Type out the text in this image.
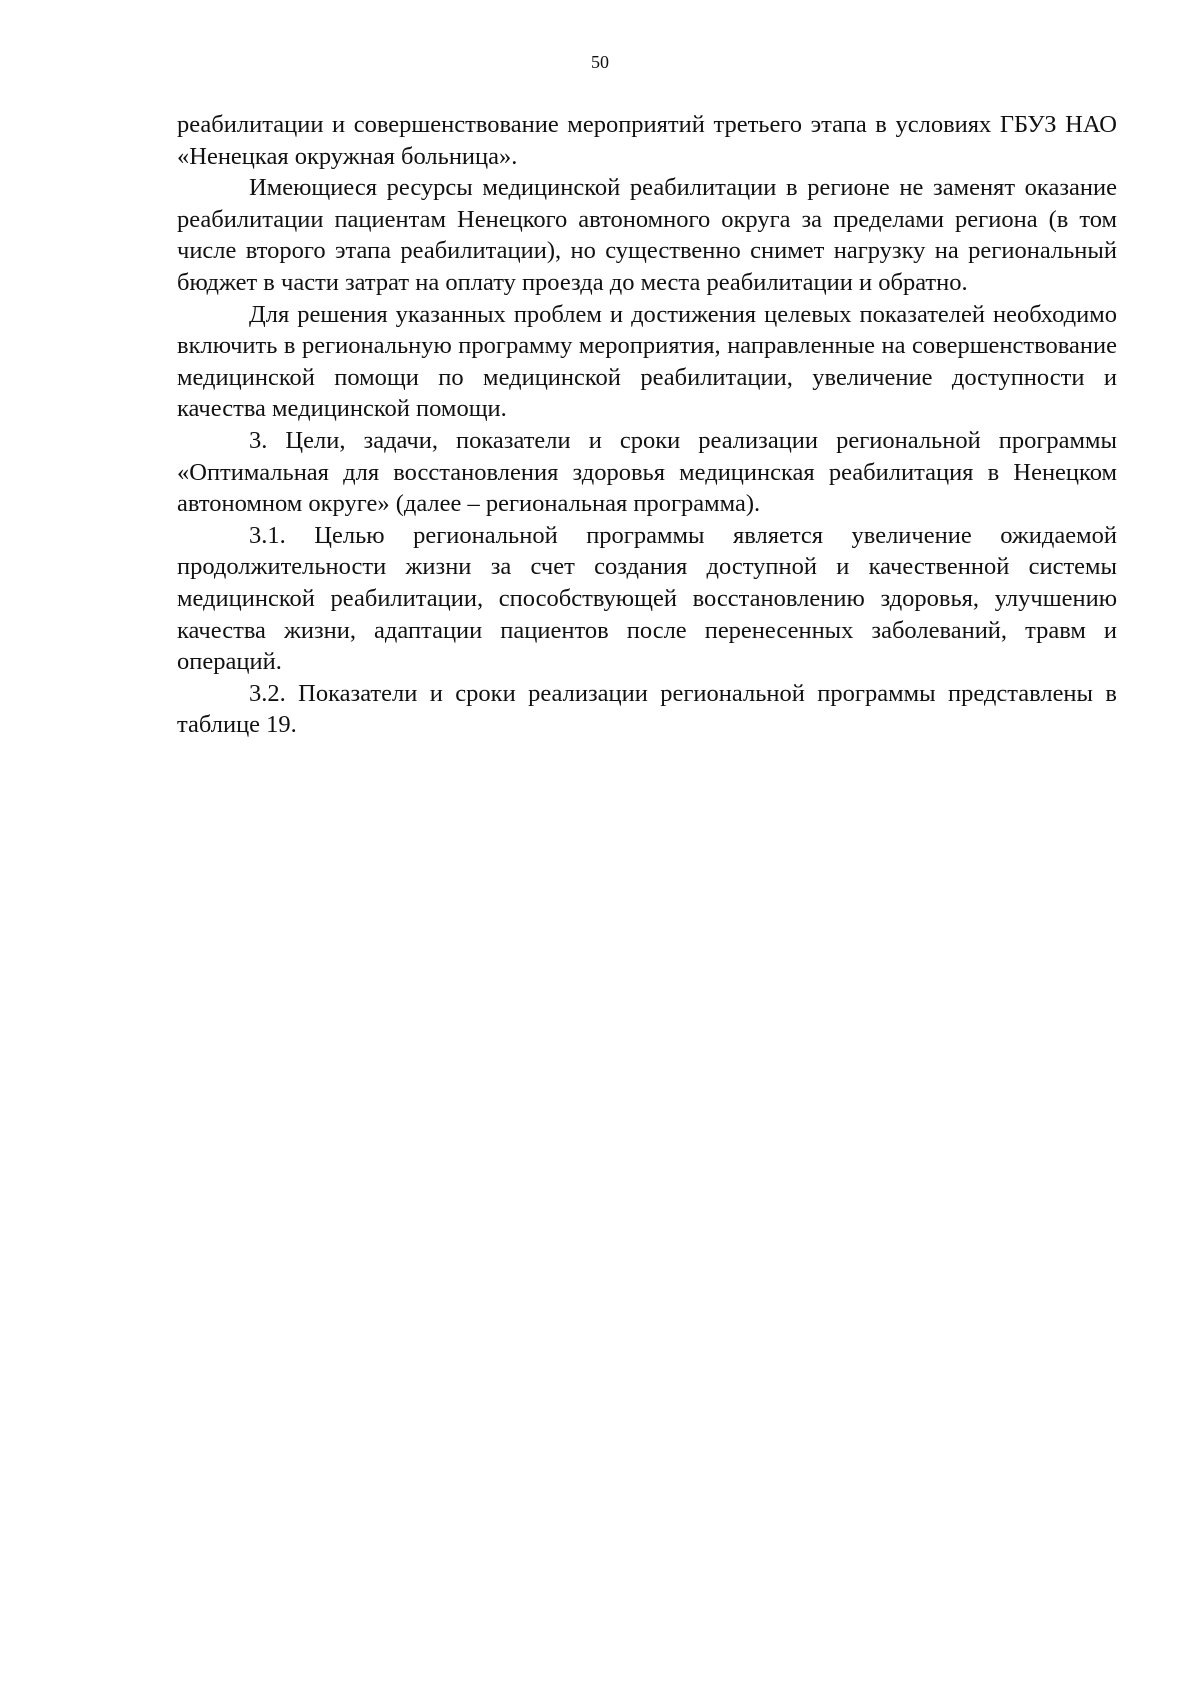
50

реабилитации и совершенствование мероприятий третьего этапа в условиях ГБУЗ НАО «Ненецкая окружная больница».

Имеющиеся ресурсы медицинской реабилитации в регионе не заменят оказание реабилитации пациентам Ненецкого автономного округа за пределами региона (в том числе второго этапа реабилитации), но существенно снимет нагрузку на региональный бюджет в части затрат на оплату проезда до места реабилитации и обратно.

Для решения указанных проблем и достижения целевых показателей необходимо включить в региональную программу мероприятия, направленные на совершенствование медицинской помощи по медицинской реабилитации, увеличение доступности и качества медицинской помощи.

3. Цели, задачи, показатели и сроки реализации региональной программы «Оптимальная для восстановления здоровья медицинская реабилитация в Ненецком автономном округе» (далее – региональная программа).

3.1. Целью региональной программы является увеличение ожидаемой продолжительности жизни за счет создания доступной и качественной системы медицинской реабилитации, способствующей восстановлению здоровья, улучшению качества жизни, адаптации пациентов после перенесенных заболеваний, травм и операций.

3.2. Показатели и сроки реализации региональной программы представлены в таблице 19.
